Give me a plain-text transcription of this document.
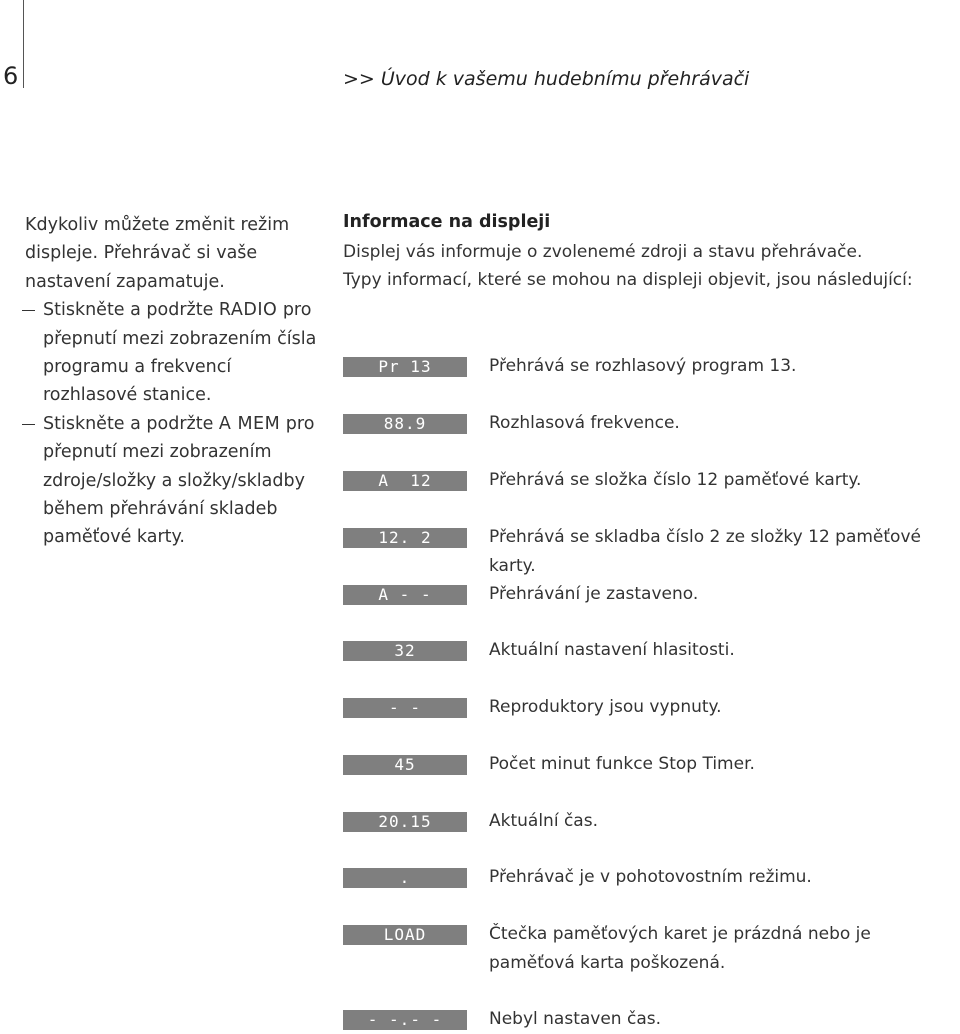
6	>> Úvod k vašemu hudebnímu přehrávači

Kdykoliv můžete změnit režim displeje. Přehrávač si vaše nastavení zapamatuje.

Stiskněte a podržte RADIO pro přepnutí mezi zobrazením čísla programu a frekvencí rozhlasové stanice.
Stiskněte a podržte A MEM pro přepnutí mezi zobrazením zdroje/složky a složky/skladby během přehrávání skladeb paměťové karty.
Informace na displeji
Displej vás informuje o zvolenemé zdroji a stavu přehrávače.
Typy informací, které se mohou na displeji objevit, jsou následující:
Pr 13	Přehrává se rozhlasový program 13.
88.9	Rozhlasová frekvence.
A  12	Přehrává se složka číslo 12 paměťové karty.
12. 2	Přehrává se skladba číslo 2 ze složky 12 paměťové karty.
A - -	Přehrávání je zastaveno.
32	Aktuální nastavení hlasitosti.
- -	Reproduktory jsou vypnuty.
45	Počet minut funkce Stop Timer.
20.15	Aktuální čas.
.	Přehrávač je v pohotovostním režimu.
LOAD	Čtečka paměťových karet je prázdná nebo je paměťová karta poškozená.
- -.- -	Nebyl nastaven čas.
